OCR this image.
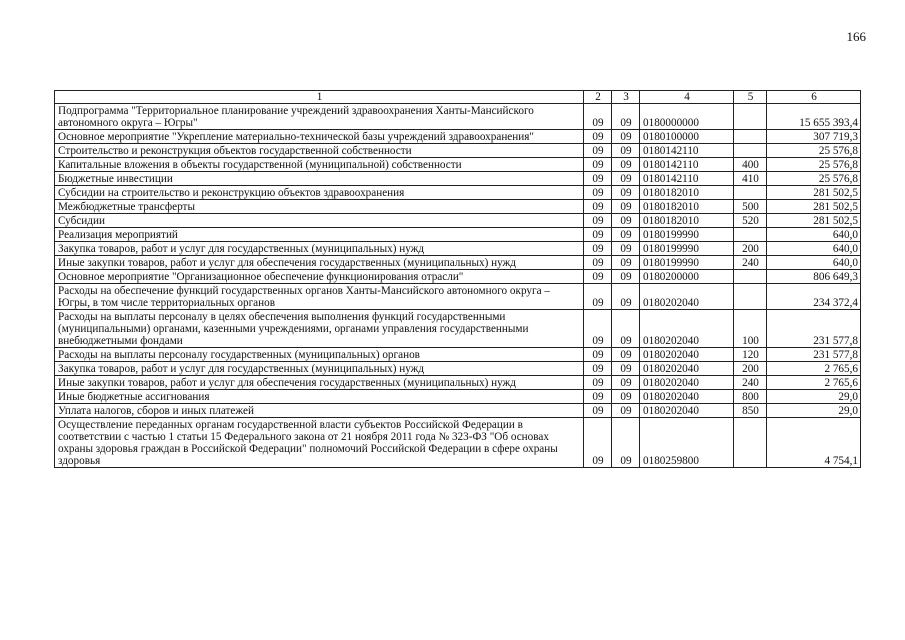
166
1	2	3	4	5	6
Подпрограмма "Территориальное планирование учреждений здравоохранения Ханты-Мансийского автономного округа – Югры"	09	09	0180000000		15 655 393,4
Основное мероприятие "Укрепление материально-технической базы учреждений здравоохранения"	09	09	0180100000		307 719,3
Строительство и реконструкция объектов государственной собственности	09	09	0180142110		25 576,8
Капитальные вложения в объекты государственной (муниципальной) собственности	09	09	0180142110	400	25 576,8
Бюджетные инвестиции	09	09	0180142110	410	25 576,8
Субсидии на строительство и реконструкцию объектов здравоохранения	09	09	0180182010		281 502,5
Межбюджетные трансферты	09	09	0180182010	500	281 502,5
Субсидии	09	09	0180182010	520	281 502,5
Реализация мероприятий	09	09	0180199990		640,0
Закупка товаров, работ и услуг для государственных (муниципальных) нужд	09	09	0180199990	200	640,0
Иные закупки товаров, работ и услуг для обеспечения государственных (муниципальных) нужд	09	09	0180199990	240	640,0
Основное мероприятие "Организационное обеспечение функционирования отрасли"	09	09	0180200000		806 649,3
Расходы на обеспечение функций государственных органов Ханты-Мансийского автономного округа – Югры, в том числе территориальных органов	09	09	0180202040		234 372,4
Расходы на выплаты персоналу в целях обеспечения выполнения функций государственными (муниципальными) органами, казенными учреждениями, органами управления государственными внебюджетными фондами	09	09	0180202040	100	231 577,8
Расходы на выплаты персоналу государственных (муниципальных) органов	09	09	0180202040	120	231 577,8
Закупка товаров, работ и услуг для государственных (муниципальных) нужд	09	09	0180202040	200	2 765,6
Иные закупки товаров, работ и услуг для обеспечения государственных (муниципальных) нужд	09	09	0180202040	240	2 765,6
Иные бюджетные ассигнования	09	09	0180202040	800	29,0
Уплата налогов, сборов и иных платежей	09	09	0180202040	850	29,0
Осуществление переданных органам государственной власти субъектов Российской Федерации в соответствии с частью 1 статьи 15 Федерального закона от 21 ноября 2011 года № 323-ФЗ "Об основах охраны здоровья граждан в Российской Федерации" полномочий Российской Федерации в сфере охраны здоровья	09	09	0180259800		4 754,1
